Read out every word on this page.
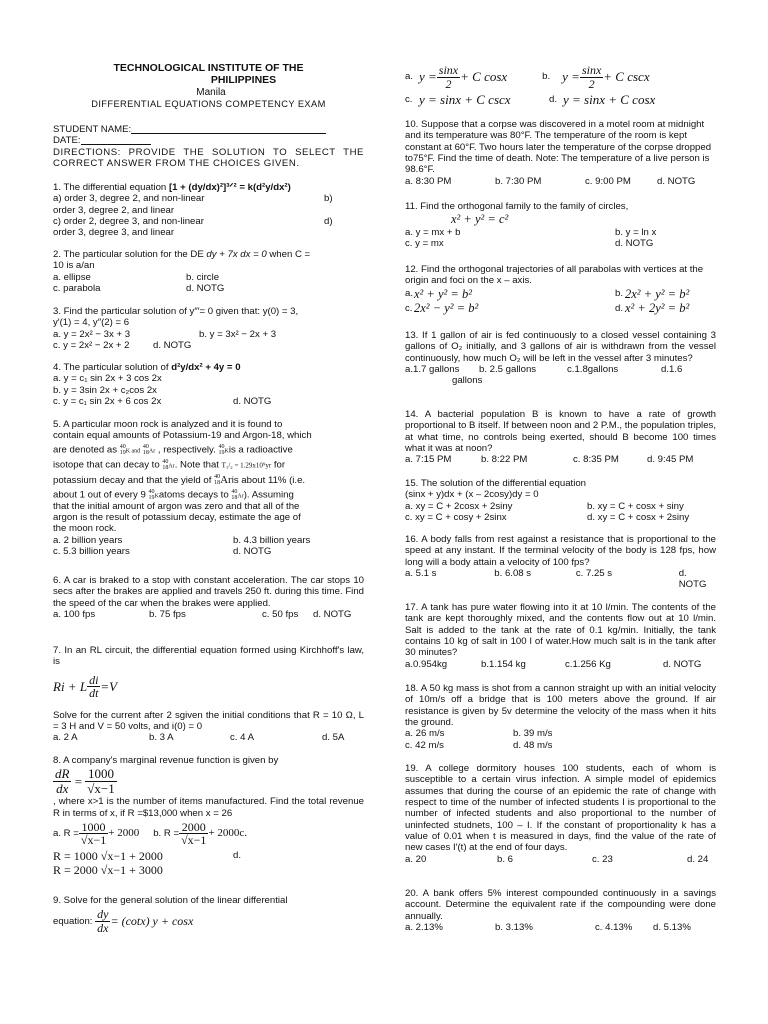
TECHNOLOGICAL INSTITUTE OF THE
PHILIPPINES
Manila
DIFFERENTIAL EQUATIONS COMPETENCY EXAM
STUDENT NAME:
DATE:
DIRECTIONS: PROVIDE THE SOLUTION TO SELECT THE CORRECT ANSWER FROM THE CHOICES GIVEN.
1. The differential equation [1 + (dy/dx)²]³ᐟ² = k(d²y/dx²)
a) order 3, degree 2, and non-linear	b)
order 3, degree 2, and linear
c) order 2, degree 3, and non-linear	d)
order 3, degree 3, and linear
2. The particular solution for the DE dy + 7x dx = 0 when C =
10 is a/an
a. ellipse	b. circle
c. parabola	d. NOTG
3. Find the particular solution of y″′= 0 given that: y(0) = 3,
y′(1) = 4, y″(2) = 6
a. y = 2x² − 3x + 3	b. y = 3x² − 2x + 3
c. y = 2x² − 2x + 2	d. NOTG
4. The particular solution of d²y/dx² + 4y = 0
a. y = c₁ sin 2x + 3 cos 2x
b. y = 3sin 2x + c₂cos 2x
c. y = c₁ sin 2x + 6 cos 2x	d. NOTG
5. A particular moon rock is analyzed and it is found to
contain equal amounts of Potassium-19 and Argon-18, which
are denoted as 40
19K and 40
18Ar , respectively. 40
19Kis a radioactive
isotope that can decay to 40
18Ar. Note that T₁/₂ = 1.29x10⁹yr for
potassium decay and that the yield of 40
18Aris about 11% (i.e.
about 1 out of every 9 40
19Katoms decays to 40
18Ar). Assuming
that the initial amount of argon was zero and that all of the
argon is the result of potassium decay, estimate the age of
the moon rock.
a. 2 billion years	b. 4.3 billion years
c. 5.3 billion years	d. NOTG
6. A car is braked to a stop with constant acceleration. The car stops 10 secs after the brakes are applied and travels 250 ft. during this time. Find the speed of the car when the brakes were applied.
a. 100 fps	b. 75 fps	c. 50 fps	d. NOTG
7. In an RL circuit, the differential equation formed using Kirchhoff's law, is
Ri + L $\frac{di}{dt} =V$
Solve for the current after 2 sgiven the initial conditions that R = 10 Ω, L = 3 H and V = 50 volts, and i(0) = 0
a. 2 A	b. 3 A	c. 4 A	d. 5A
8. A company's marginal revenue function is given by
$\frac{dR}{dx} = \frac{1000}{√x-1}$
, where x>1 is the number of items manufactured. Find the total revenue R in terms of x, if R =$13,000 when x = 26
a. $R = \frac{1000}{√x-1} + 2000$ b. $R = \frac{2000}{√x-1} + 2000c$.
R = 1000 √x−1 + 2000	d.
R = 2000 √x−1 + 3000
9. Solve for the general solution of the linear differential
equation:
$\frac{dy}{dx} = (\cot x) y + \cos x$
a. $y = \frac{\sin x}{2} + C$ cosx	b. $y = \frac{\sin x}{2} + C$ cscx
c. y = sinx + C cscx	d. y = sinx + C cosx
10. Suppose that a corpse was discovered in a motel room at midnight and its temperature was 80°F. The temperature of the room is kept constant at 60°F. Two hours later the temperature of the corpse dropped to75°F. Find the time of death. Note: The temperature of a live person is 98.6°F.
a. 8:30 PM	b. 7:30 PM	c. 9:00 PM	d. NOTG
11. Find the orthogonal family to the family of circles,
x² + y² = c²
a. y = mx + b	b. y = ln x
c. y = mx	d. NOTG
12. Find the orthogonal trajectories of all parabolas with vertices at the origin and foci on the x – axis.
a. x² + y² = b²	b. 2x² + y² = b²
c. 2x² − y² = b²	d. x² + 2y² = b²
13. If 1 gallon of air is fed continuously to a closed vessel containing 3 gallons of O₂ initially, and 3 gallons of air is withdrawn from the vessel continuously, how much O₂ will be left in the vessel after 3 minutes?
a.1.7 gallons	b. 2.5 gallons	c.1.8gallons	d.1.6
gallons
14. A bacterial population B is known to have a rate of growth proportional to B itself. If between noon and 2 P.M., the population triples, at what time, no controls being exerted, should B become 100 times what it was at noon?
a. 7:15 PM	b. 8:22 PM	c. 8:35 PM	d. 9:45 PM
15. The solution of the differential equation
(sinx + y)dx + (x – 2cosy)dy = 0
a. xy = C + 2cosx + 2siny	b. xy = C + cosx + siny
c. xy = C + cosy + 2sinx	d. xy = C + cosx + 2siny
16. A body falls from rest against a resistance that is proportional to the speed at any instant. If the terminal velocity of the body is 128 fps, how long will a body attain a velocity of 100 fps?
a. 5.1 s	b. 6.08 s	c. 7.25 s	d. NOTG
17. A tank has pure water flowing into it at 10 l/min. The contents of the tank are kept thoroughly mixed, and the contents flow out at 10 l/min. Salt is added to the tank at the rate of 0.1 kg/min. Initially, the tank contains 10 kg of salt in 100 l of water.How much salt is in the tank after 30 minutes?
a.0.954kg	b.1.154 kg	c.1.256 Kg	d. NOTG
18. A 50 kg mass is shot from a cannon straight up with an initial velocity of 10m/s off a bridge that is 100 meters above the ground. If air resistance is given by 5v determine the velocity of the mass when it hits the ground.
a. 26 m/s	b. 39 m/s
c. 42 m/s	d. 48 m/s
19. A college dormitory houses 100 students, each of whom is susceptible to a certain virus infection. A simple model of epidemics assumes that during the course of an epidemic the rate of change with respect to time of the number of infected students I is proportional to the number of infected students and also proportional to the number of uninfected studnets, 100 – I. If the constant of proportionality k has a value of 0.01 when t is measured in days, find the value of the rate of new cases I′(t) at the end of four days.
a. 20	b. 6	c. 23	d. 24
20. A bank offers 5% interest compounded continuously in a savings account. Determine the equivalent rate if the compounding were done annually.
a. 2.13%	b. 3.13%	c. 4.13%	d. 5.13%
